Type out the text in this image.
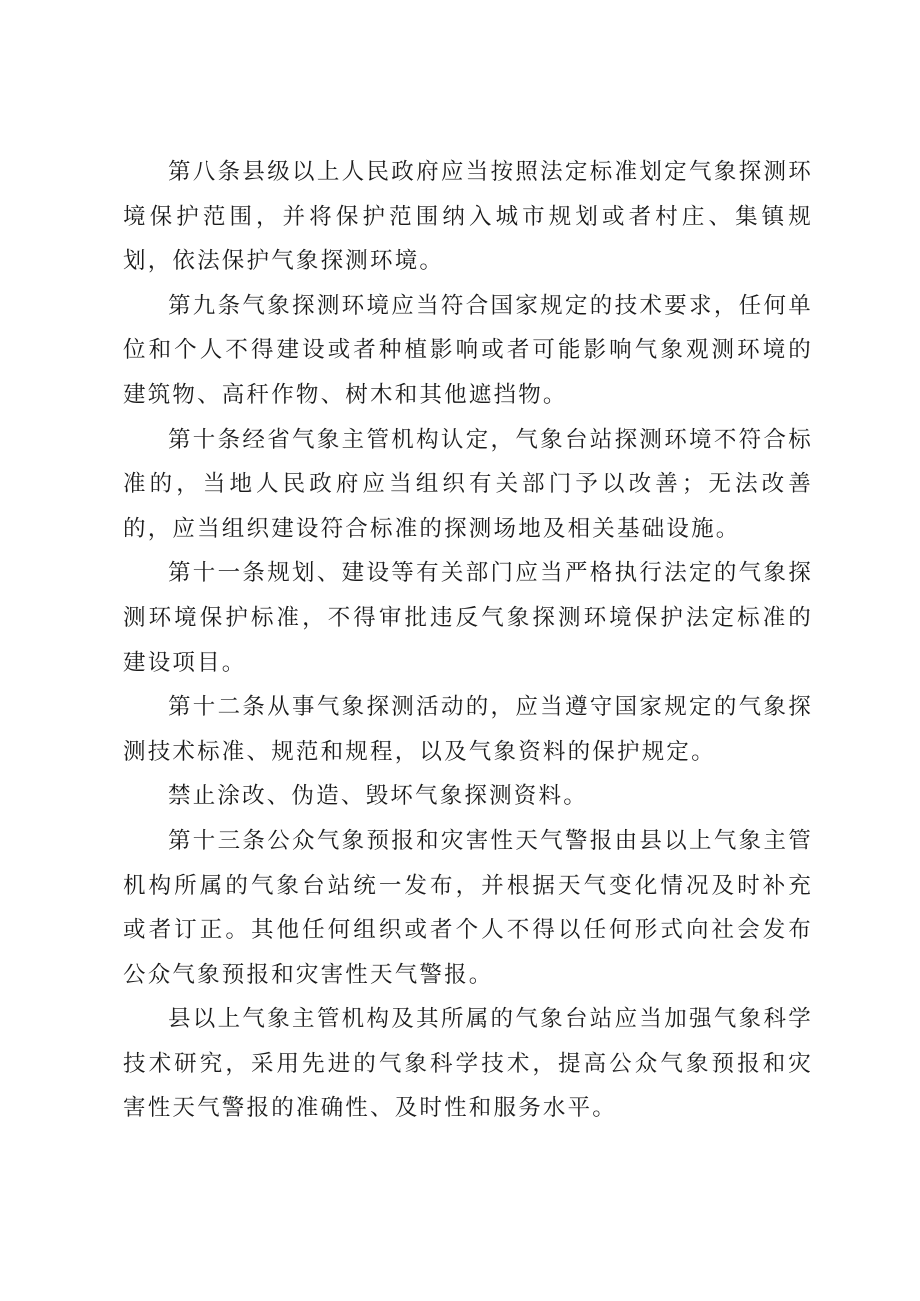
第八条县级以上人民政府应当按照法定标准划定气象探测环境保护范围，并将保护范围纳入城市规划或者村庄、集镇规划，依法保护气象探测环境。

第九条气象探测环境应当符合国家规定的技术要求，任何单位和个人不得建设或者种植影响或者可能影响气象观测环境的建筑物、高秆作物、树木和其他遮挡物。

第十条经省气象主管机构认定，气象台站探测环境不符合标准的，当地人民政府应当组织有关部门予以改善；无法改善的，应当组织建设符合标准的探测场地及相关基础设施。

第十一条规划、建设等有关部门应当严格执行法定的气象探测环境保护标准，不得审批违反气象探测环境保护法定标准的建设项目。

第十二条从事气象探测活动的，应当遵守国家规定的气象探测技术标准、规范和规程，以及气象资料的保护规定。

禁止涂改、伪造、毁坏气象探测资料。

第十三条公众气象预报和灾害性天气警报由县以上气象主管机构所属的气象台站统一发布，并根据天气变化情况及时补充或者订正。其他任何组织或者个人不得以任何形式向社会发布公众气象预报和灾害性天气警报。

县以上气象主管机构及其所属的气象台站应当加强气象科学技术研究，采用先进的气象科学技术，提高公众气象预报和灾害性天气警报的准确性、及时性和服务水平。
